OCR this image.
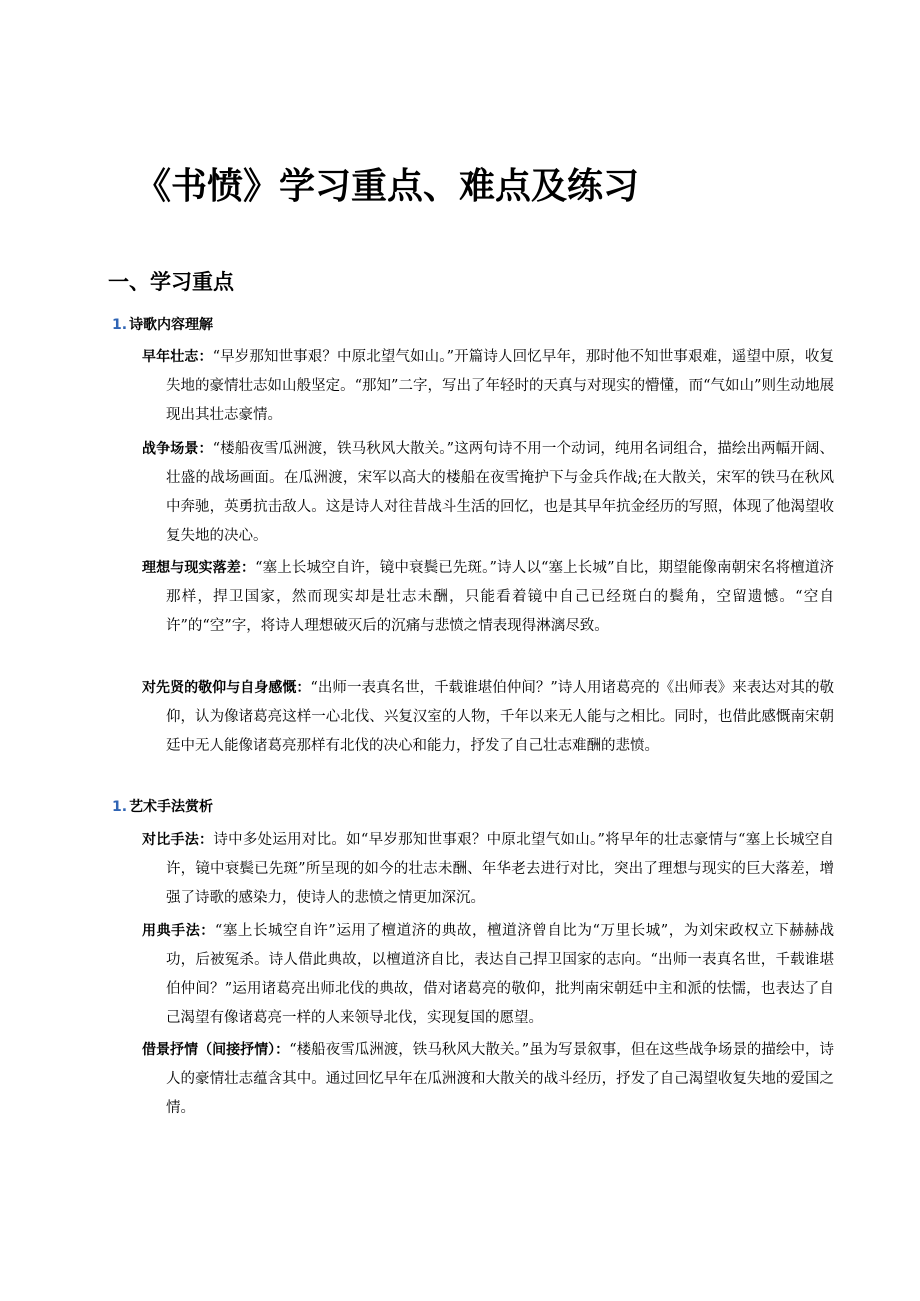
《书愤》学习重点、难点及练习
一、学习重点
1. 诗歌内容理解

早年壮志：“早岁那知世事艰？中原北望气如山。”开篇诗人回忆早年，那时他不知世事艰难，遥望中原，收复失地的豪情壮志如山般坚定。“那知”二字，写出了年轻时的天真与对现实的懵懂，而“气如山”则生动地展现出其壮志豪情。

战争场景：“楼船夜雪瓜洲渡，铁马秋风大散关。”这两句诗不用一个动词，纯用名词组合，描绘出两幅开阔、壮盛的战场画面。在瓜洲渡，宋军以高大的楼船在夜雪掩护下与金兵作战;在大散关，宋军的铁马在秋风中奔驰，英勇抗击敌人。这是诗人对往昔战斗生活的回忆，也是其早年抗金经历的写照，体现了他渴望收复失地的决心。

理想与现实落差：“塞上长城空自许，镜中衰鬓已先斑。”诗人以“塞上长城”自比，期望能像南朝宋名将檀道济那样，捍卫国家，然而现实却是壮志未酬，只能看着镜中自己已经斑白的鬓角，空留遗憾。“空自许”的“空”字，将诗人理想破灭后的沉痛与悲愤之情表现得淋漓尽致。

对先贤的敬仰与自身感慨：“出师一表真名世，千载谁堪伯仲间？”诗人用诸葛亮的《出师表》来表达对其的敬仰，认为像诸葛亮这样一心北伐、兴复汉室的人物，千年以来无人能与之相比。同时，也借此感慨南宋朝廷中无人能像诸葛亮那样有北伐的决心和能力，抒发了自己壮志难酬的悲愤。

1. 艺术手法赏析

对比手法：诗中多处运用对比。如“早岁那知世事艰？中原北望气如山。”将早年的壮志豪情与“塞上长城空自许，镜中衰鬓已先斑”所呈现的如今的壮志未酬、年华老去进行对比，突出了理想与现实的巨大落差，增强了诗歌的感染力，使诗人的悲愤之情更加深沉。

用典手法：“塞上长城空自许”运用了檀道济的典故，檀道济曾自比为“万里长城”，为刘宋政权立下赫赫战功，后被冤杀。诗人借此典故，以檀道济自比，表达自己捍卫国家的志向。“出师一表真名世，千载谁堪伯仲间？”运用诸葛亮出师北伐的典故，借对诸葛亮的敬仰，批判南宋朝廷中主和派的怯懦，也表达了自己渴望有像诸葛亮一样的人来领导北伐，实现复国的愿望。

借景抒情（间接抒情）：“楼船夜雪瓜洲渡，铁马秋风大散关。”虽为写景叙事，但在这些战争场景的描绘中，诗人的豪情壮志蕴含其中。通过回忆早年在瓜洲渡和大散关的战斗经历，抒发了自己渴望收复失地的爱国之情。
